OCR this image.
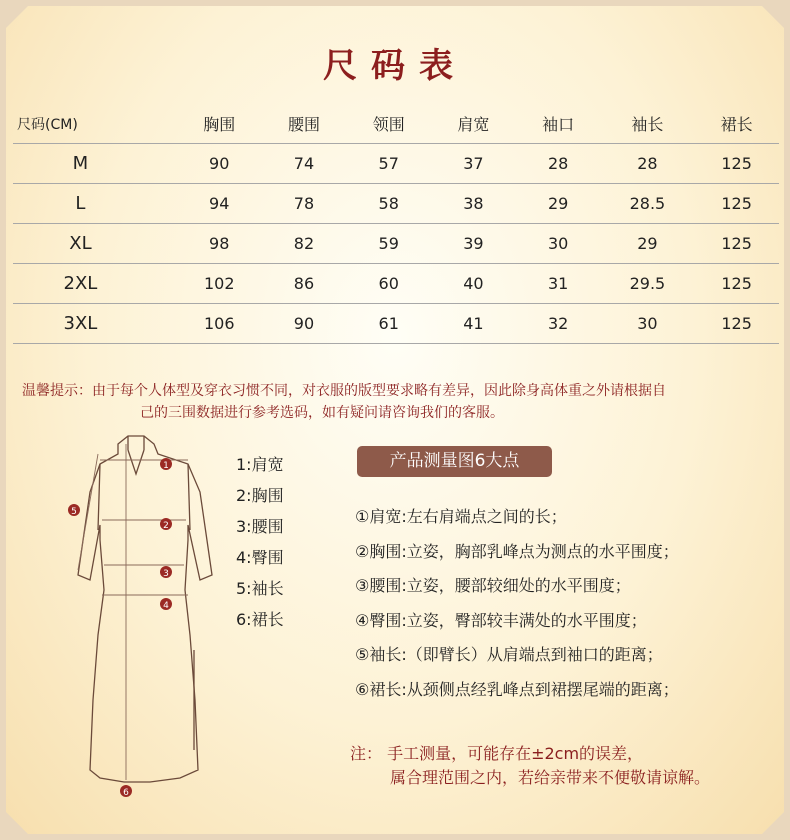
尺码表
尺码(CM)	胸围	腰围	领围	肩宽	袖口	袖长	裙长
M	90	74	57	37	28	28	125
L	94	78	58	38	29	28.5	125
XL	98	82	59	39	30	29	125
2XL	102	86	60	40	31	29.5	125
3XL	106	90	61	41	32	30	125
温馨提示：由于每个人体型及穿衣习惯不同，对衣服的版型要求略有差异，因此除身高体重之外请根据自
己的三围数据进行参考选码，如有疑问请咨询我们的客服。
1
2
3
4
5
6
1:肩宽
2:胸围
3:腰围
4:臀围
5:袖长
6:裙长
产品测量图6大点
①肩宽:左右肩端点之间的长；
②胸围:立姿，胸部乳峰点为测点的水平围度；
③腰围:立姿，腰部较细处的水平围度；
④臀围:立姿，臀部较丰满处的水平围度；
⑤袖长:（即臂长）从肩端点到袖口的距离；
⑥裙长:从颈侧点经乳峰点到裙摆尾端的距离；
注： 手工测量，可能存在±2cm的误差，
属合理范围之内，若给亲带来不便敬请谅解。
